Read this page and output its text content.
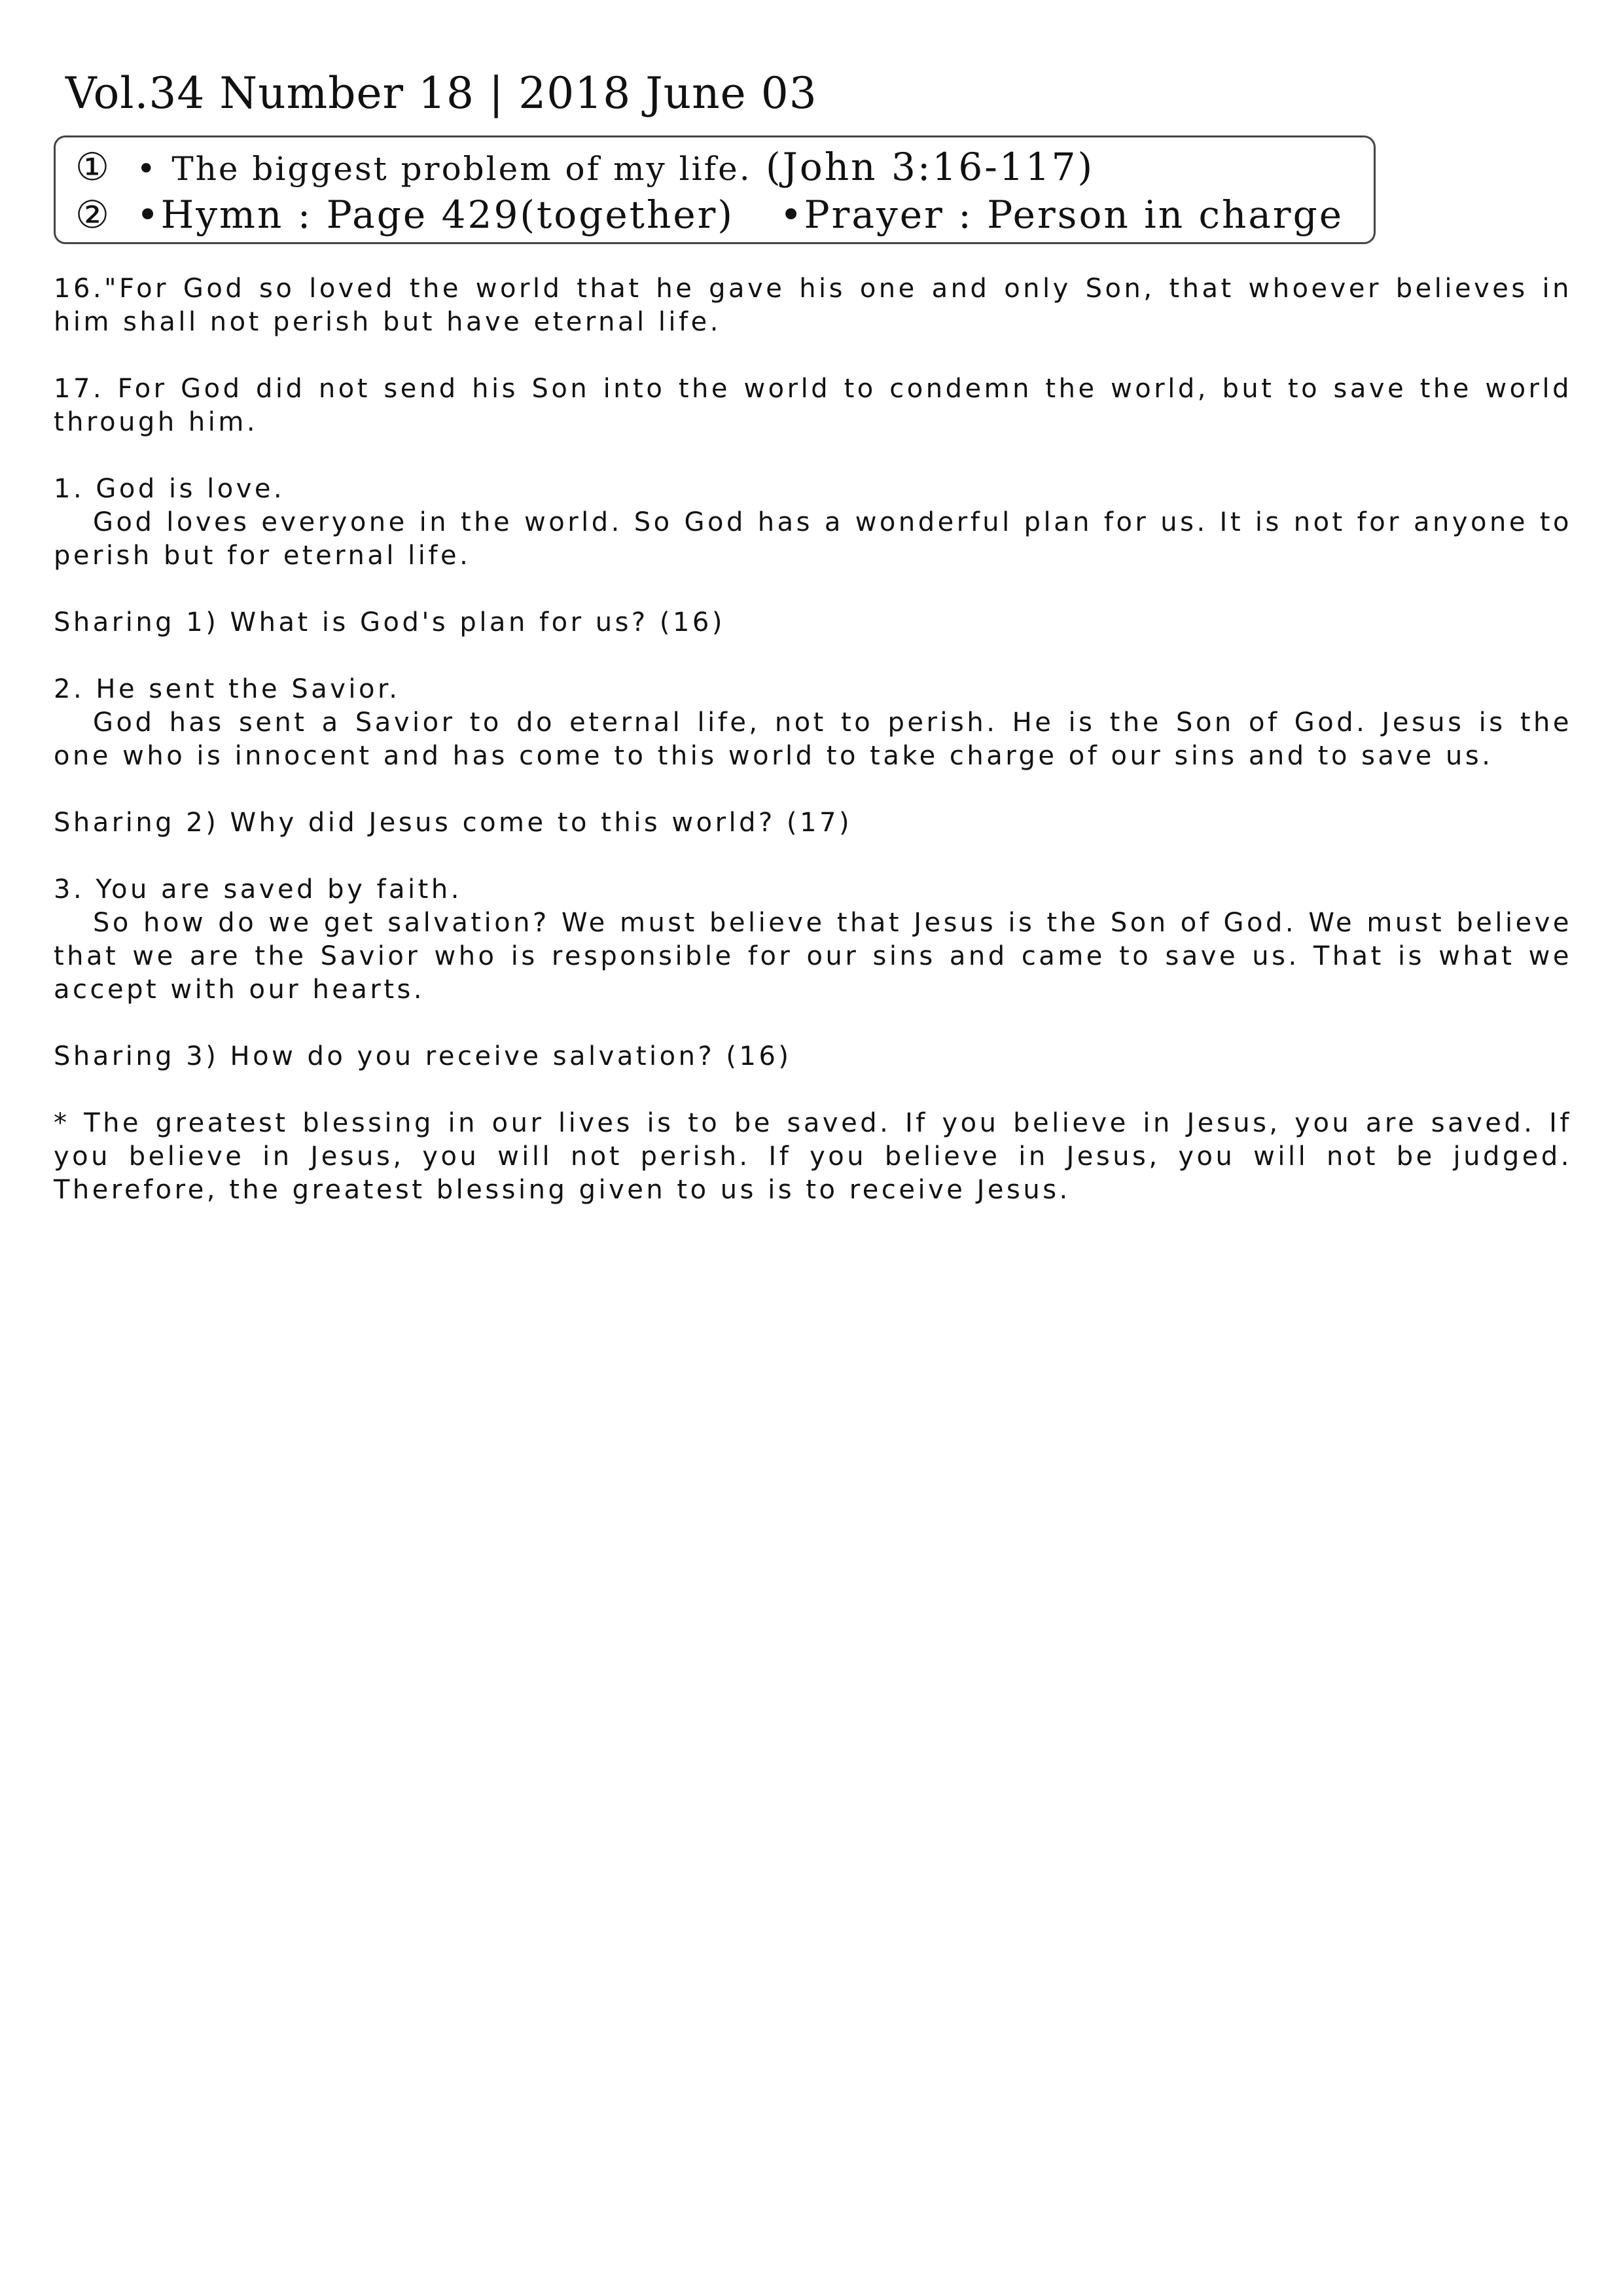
Vol.34 Number 18 | 2018 June 03
① • The biggest problem of my life. (John 3:16-117)
② •Hymn : Page 429(together) •Prayer : Person in charge

16."For God so loved the world that he gave his one and only Son, that whoever believes in him shall not perish but have eternal life.

17. For God did not send his Son into the world to condemn the world, but to save the world through him.

1. God is love.
God loves everyone in the world. So God has a wonderful plan for us. It is not for anyone to perish but for eternal life.

Sharing 1) What is God's plan for us? (16)

2. He sent the Savior.
God has sent a Savior to do eternal life, not to perish. He is the Son of God. Jesus is the one who is innocent and has come to this world to take charge of our sins and to save us.

Sharing 2) Why did Jesus come to this world? (17)

3. You are saved by faith.
So how do we get salvation? We must believe that Jesus is the Son of God. We must believe that we are the Savior who is responsible for our sins and came to save us. That is what we accept with our hearts.

Sharing 3) How do you receive salvation? (16)

* The greatest blessing in our lives is to be saved. If you believe in Jesus, you are saved. If you believe in Jesus, you will not perish. If you believe in Jesus, you will not be judged. Therefore, the greatest blessing given to us is to receive Jesus.
